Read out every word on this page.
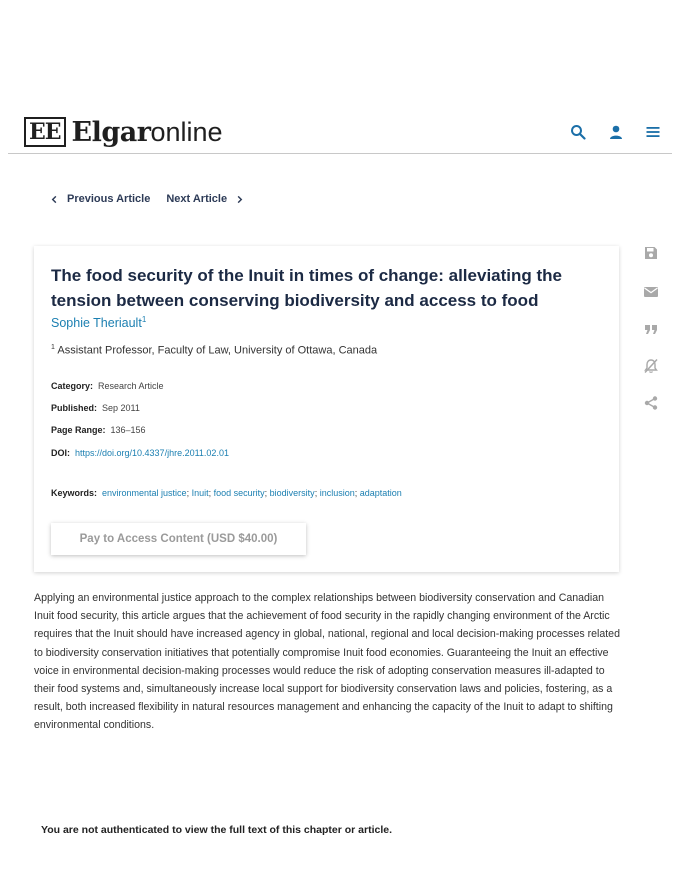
EE Elgar online
Previous Article Next Article
The food security of the Inuit in times of change: alleviating the tension between conserving biodiversity and access to food
Sophie Theriault$^1$
$^1$ Assistant Professor, Faculty of Law, University of Ottawa, Canada
Category: Research Article
Published: Sep 2011
Page Range: 136–156
DOI: https://doi.org/10.4337/jhre.2011.02.01
Keywords: environmental justice; Inuit; food security; biodiversity; inclusion; adaptation
Pay to Access Content (USD $40.00)

Applying an environmental justice approach to the complex relationships between biodiversity conservation and Canadian Inuit food security, this article argues that the achievement of food security in the rapidly changing environment of the Arctic requires that the Inuit should have increased agency in global, national, regional and local decision-making processes related to biodiversity conservation initiatives that potentially compromise Inuit food economies. Guaranteeing the Inuit an effective voice in environmental decision-making processes would reduce the risk of adopting conservation measures ill-adapted to their food systems and, simultaneously increase local support for biodiversity conservation laws and policies, fostering, as a result, both increased flexibility in natural resources management and enhancing the capacity of the Inuit to adapt to shifting environmental conditions.

You are not authenticated to view the full text of this chapter or article.
